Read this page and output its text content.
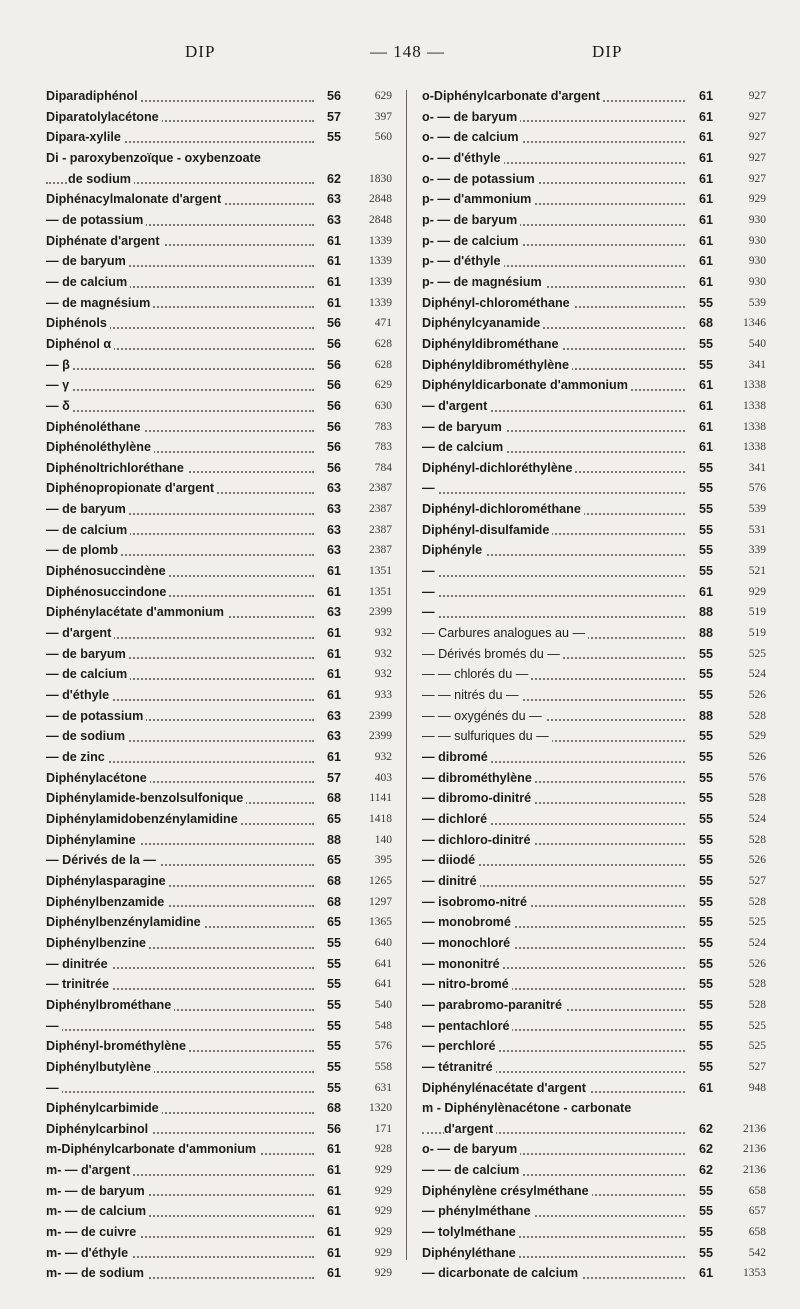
DIP	— 148 —	DIP
Diparadiphénol	56	629
Diparatolylacétone	57	397
Dipara-xylile	55	560
Di - paroxybenzoïque - oxybenzoate
de sodium	62	1830
Diphénacylmalonate d'argent	63	2848
— de potassium	63	2848
Diphénate d'argent	61	1339
— de baryum	61	1339
— de calcium	61	1339
— de magnésium	61	1339
Diphénols	56	471
Diphénol α	56	628
— β	56	628
— γ	56	629
— δ	56	630
Diphénoléthane	56	783
Diphénoléthylène	56	783
Diphénoltrichloréthane	56	784
Diphénopropionate d'argent	63	2387
— de baryum	63	2387
— de calcium	63	2387
— de plomb	63	2387
Diphénosuccindène	61	1351
Diphénosuccindone	61	1351
Diphénylacétate d'ammonium	63	2399
— d'argent	61	932
— de baryum	61	932
— de calcium	61	932
— d'éthyle	61	933
— de potassium	63	2399
— de sodium	63	2399
— de zinc	61	932
Diphénylacétone	57	403
Diphénylamide-benzolsulfonique	68	1141
Diphénylamidobenzénylamidine	65	1418
Diphénylamine	88	140
— Dérivés de la —	65	395
Diphénylasparagine	68	1265
Diphénylbenzamide	68	1297
Diphénylbenzénylamidine	65	1365
Diphénylbenzine	55	640
— dinitrée	55	641
— trinitrée	55	641
Diphénylbrométhane	55	540
—	55	548
Diphényl-brométhylène	55	576
Diphénylbutylène	55	558
—	55	631
Diphénylcarbimide	68	1320
Diphénylcarbinol	56	171
m-Diphénylcarbonate d'ammonium	61	928
m- — d'argent	61	929
m- — de baryum	61	929
m- — de calcium	61	929
m- — de cuivre	61	929
m- — d'éthyle	61	929
m- — de sodium	61	929
o-Diphénylcarbonate d'argent	61	927
o- — de baryum	61	927
o- — de calcium	61	927
o- — d'éthyle	61	927
o- — de potassium	61	927
p- — d'ammonium	61	929
p- — de baryum	61	930
p- — de calcium	61	930
p- — d'éthyle	61	930
p- — de magnésium	61	930
Diphényl-chlorométhane	55	539
Diphénylcyanamide	68	1346
Diphényldibrométhane	55	540
Diphényldibrométhylène	55	341
Diphényldicarbonate d'ammonium	61	1338
— d'argent	61	1338
— de baryum	61	1338
— de calcium	61	1338
Diphényl-dichloréthylène	55	341
—	55	576
Diphényl-dichlorométhane	55	539
Diphényl-disulfamide	55	531
Diphényle	55	339
—	55	521
—	61	929
—	88	519
— Carbures analogues au —	88	519
— Dérivés bromés du —	55	525
— — chlorés du —	55	524
— — nitrés du —	55	526
— — oxygénés du —	88	528
— — sulfuriques du —	55	529
— dibromé	55	526
— dibrométhylène	55	576
— dibromo-dinitré	55	528
— dichloré	55	524
— dichloro-dinitré	55	528
— diiodé	55	526
— dinitré	55	527
— isobromo-nitré	55	528
— monobromé	55	525
— monochloré	55	524
— mononitré	55	526
— nitro-bromé	55	528
— parabromo-paranitré	55	528
— pentachloré	55	525
— perchloré	55	525
— tétranitré	55	527
Diphénylénacétate d'argent	61	948
m - Diphénylènacétone - carbonate
d'argent	62	2136
o- — de baryum	62	2136
— — de calcium	62	2136
Diphénylène crésylméthane	55	658
— phénylméthane	55	657
— tolylméthane	55	658
Diphényléthane	55	542
— dicarbonate de calcium	61	1353
